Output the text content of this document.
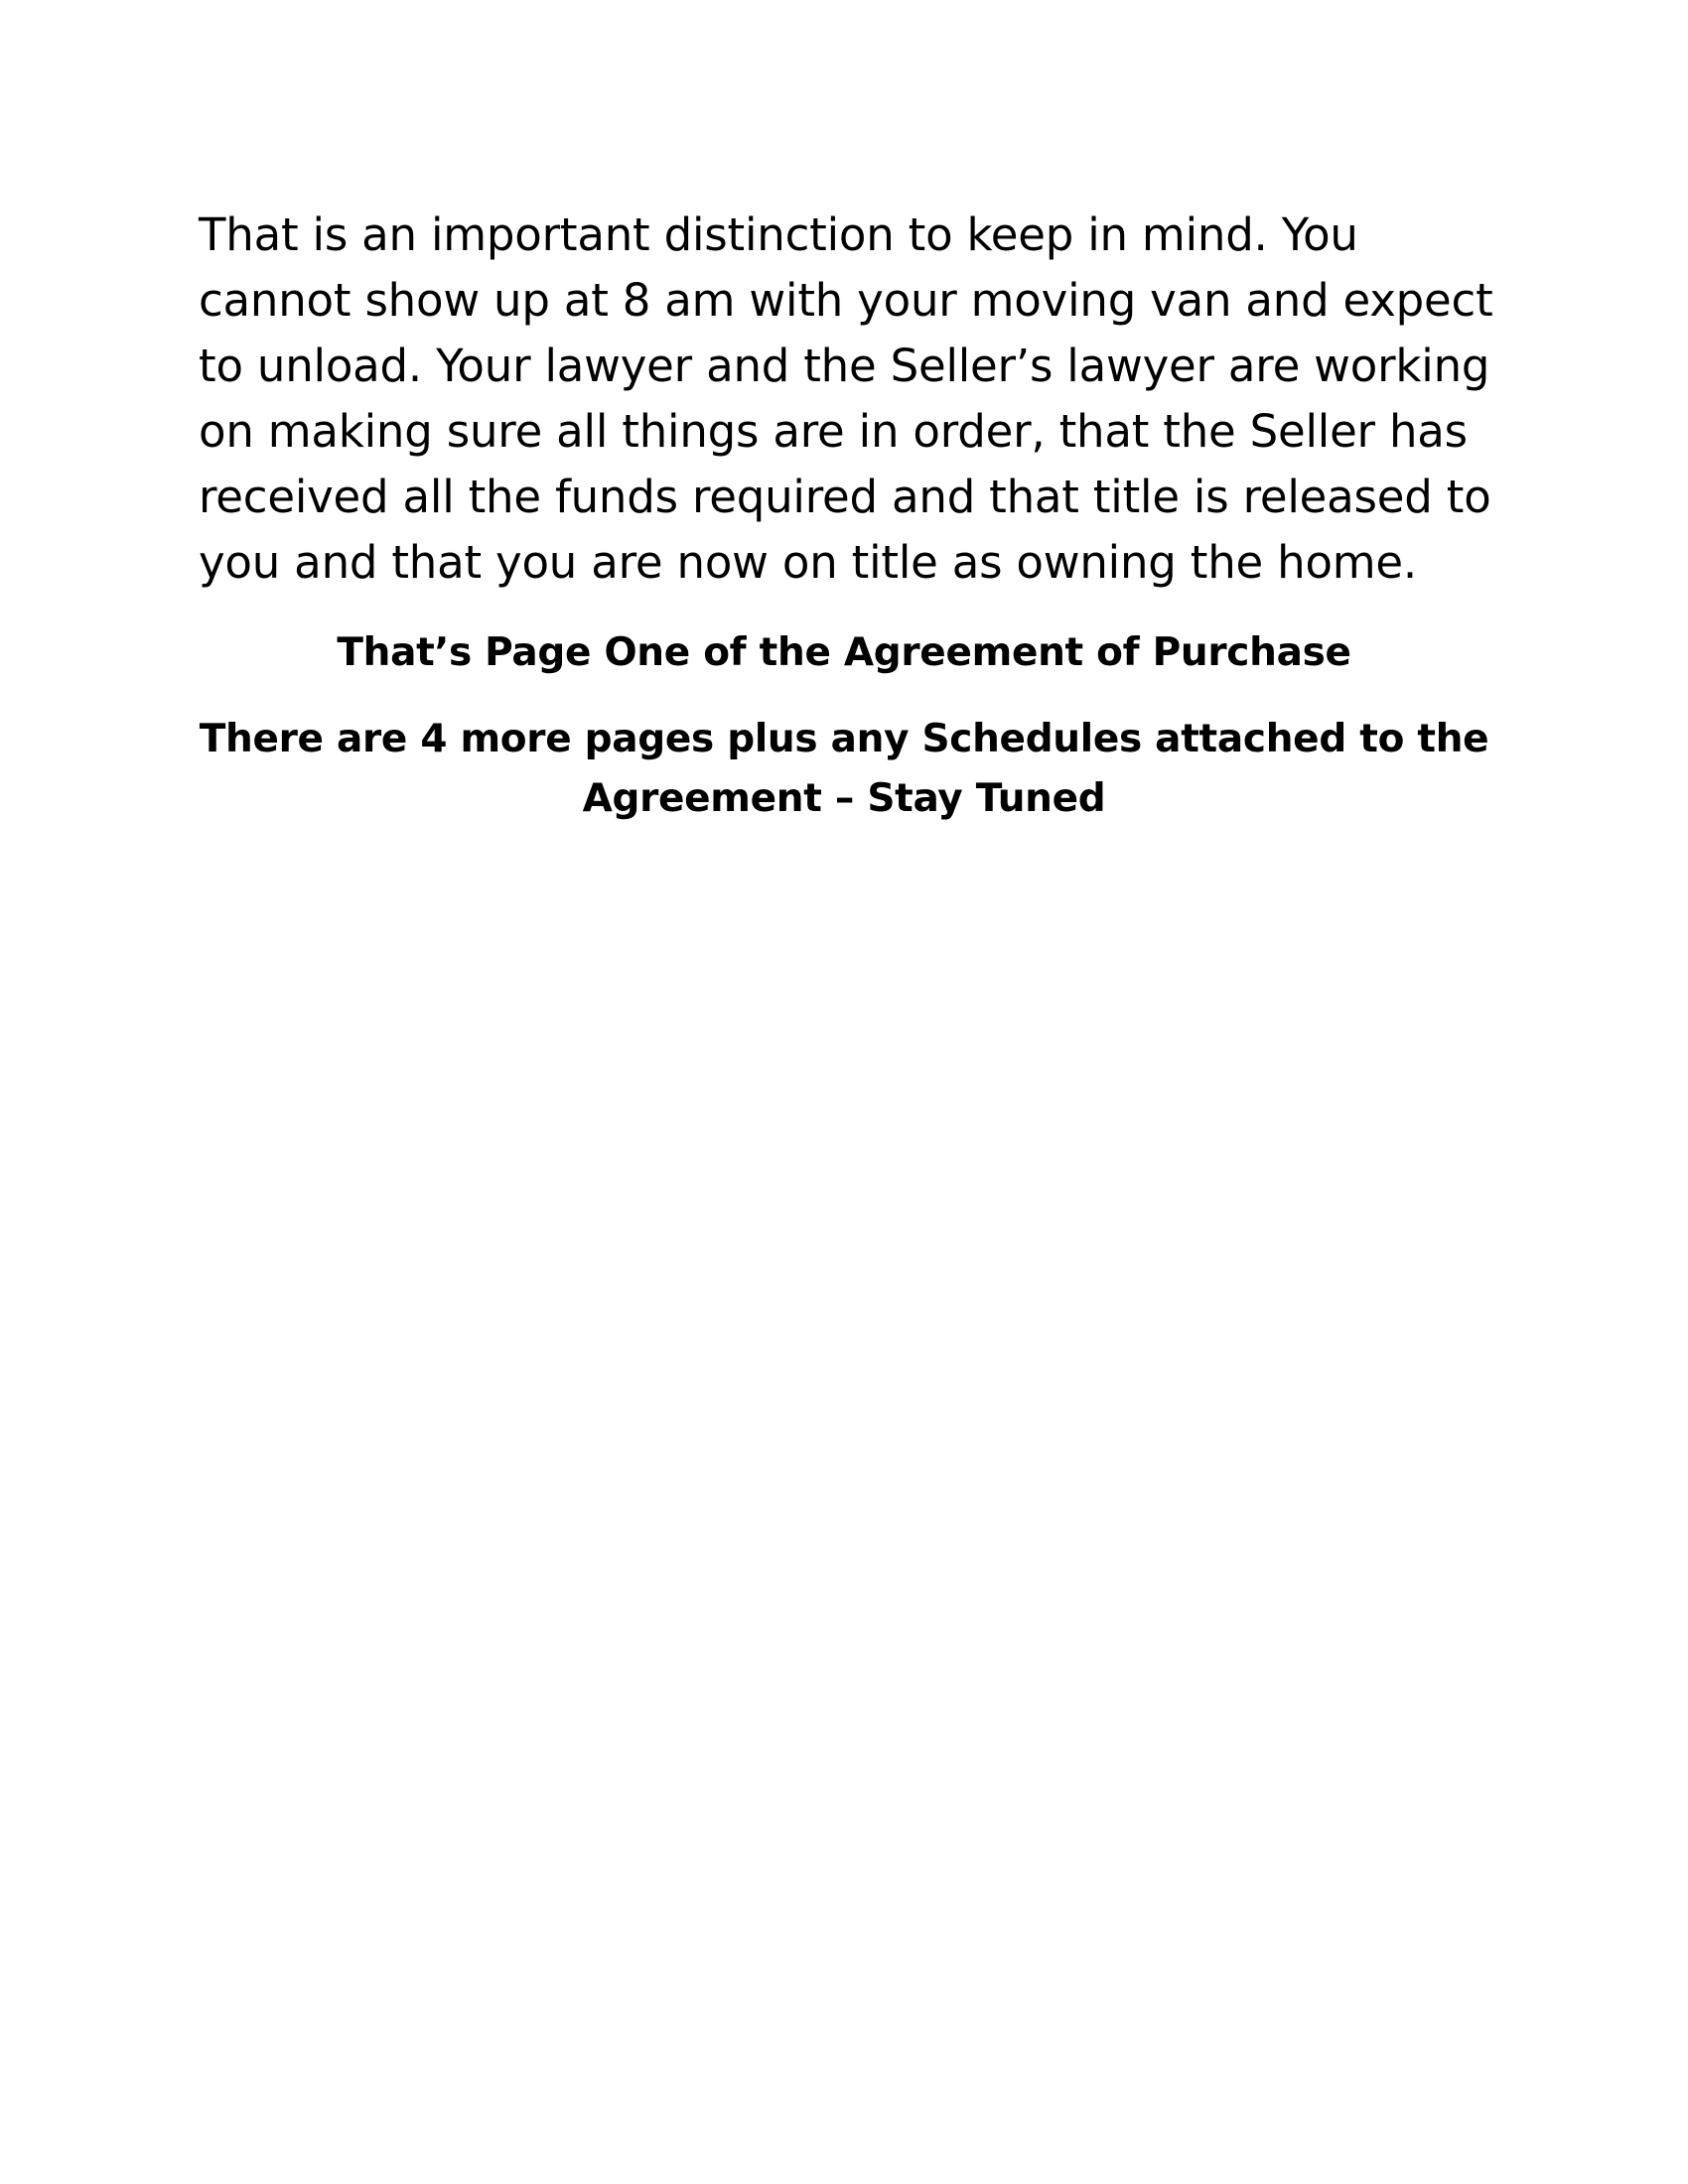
That is an important distinction to keep in mind. You
cannot show up at 8 am with your moving van and expect
to unload. Your lawyer and the Seller’s lawyer are working
on making sure all things are in order, that the Seller has
received all the funds required and that title is released to
you and that you are now on title as owning the home.

That’s Page One of the Agreement of Purchase
There are 4 more pages plus any Schedules attached to the
Agreement – Stay Tuned
